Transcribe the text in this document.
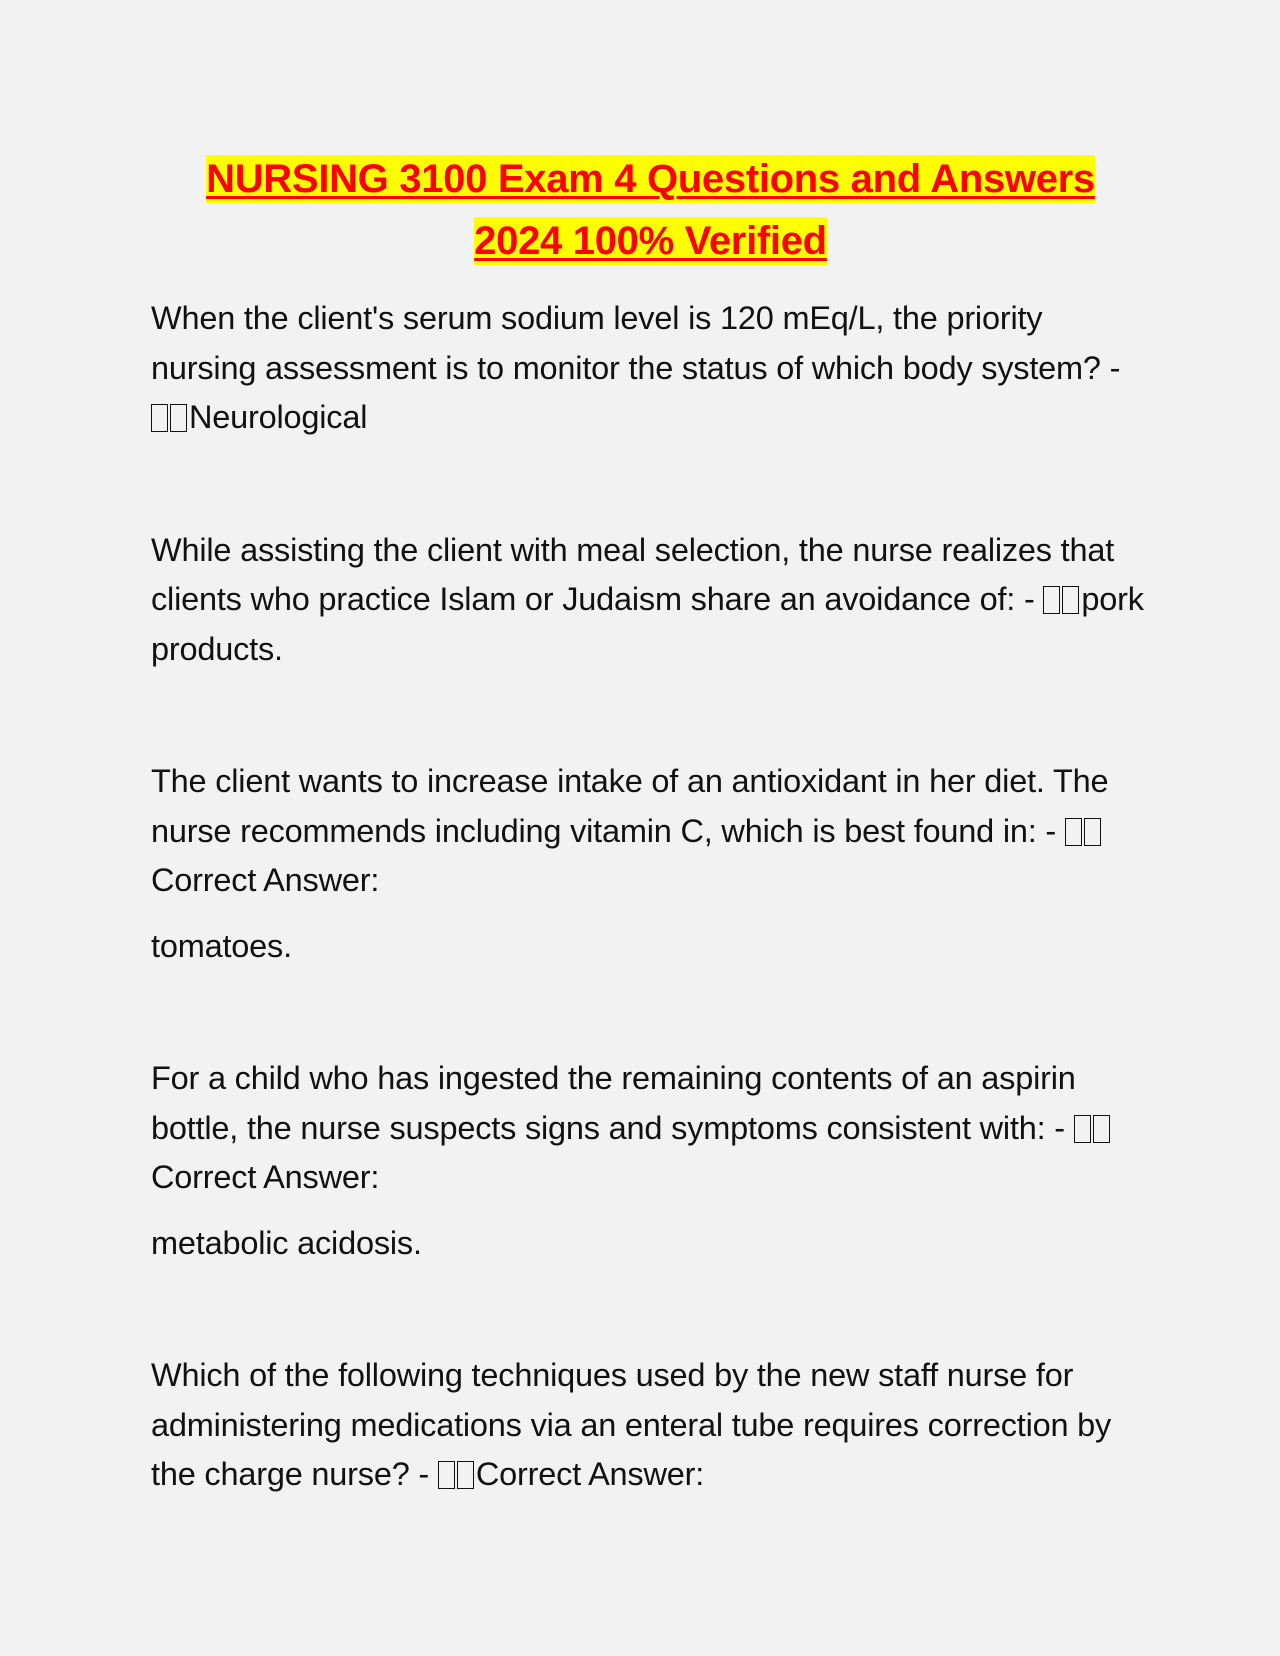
NURSING 3100 Exam 4 Questions and Answers
2024 100% Verified

When the client's serum sodium level is 120 mEq/L, the priority nursing assessment is to monitor the status of which body system? - Neurological

While assisting the client with meal selection, the nurse realizes that clients who practice Islam or Judaism share an avoidance of: - pork products.

The client wants to increase intake of an antioxidant in her diet. The nurse recommends including vitamin C, which is best found in: - Correct Answer:

tomatoes.

For a child who has ingested the remaining contents of an aspirin bottle, the nurse suspects signs and symptoms consistent with: - Correct Answer:

metabolic acidosis.

Which of the following techniques used by the new staff nurse for administering medications via an enteral tube requires correction by the charge nurse? - Correct Answer:
